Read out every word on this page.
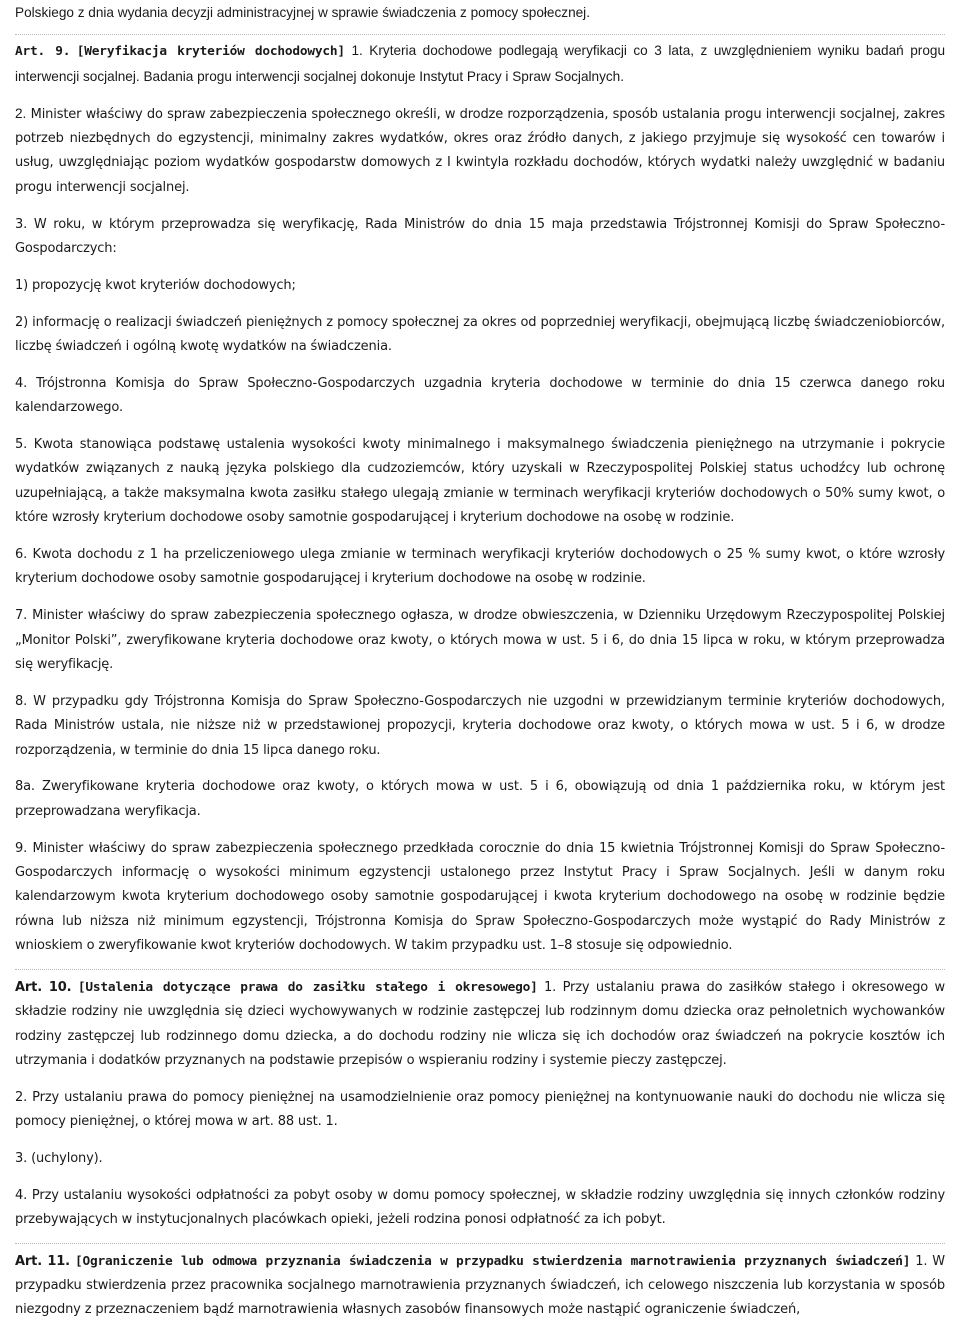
Polskiego z dnia wydania decyzji administracyjnej w sprawie świadczenia z pomocy społecznej.

Art. 9. [Weryfikacja kryteriów dochodowych] 1. Kryteria dochodowe podlegają weryfikacji co 3 lata, z uwzględnieniem wyniku badań progu interwencji socjalnej. Badania progu interwencji socjalnej dokonuje Instytut Pracy i Spraw Socjalnych.

2. Minister właściwy do spraw zabezpieczenia społecznego określi, w drodze rozporządzenia, sposób ustalania progu interwencji socjalnej, zakres potrzeb niezbędnych do egzystencji, minimalny zakres wydatków, okres oraz źródło danych, z jakiego przyjmuje się wysokość cen towarów i usług, uwzględniając poziom wydatków gospodarstw domowych z I kwintyla rozkładu dochodów, których wydatki należy uwzględnić w badaniu progu interwencji socjalnej.

3. W roku, w którym przeprowadza się weryfikację, Rada Ministrów do dnia 15 maja przedstawia Trójstronnej Komisji do Spraw Społeczno-Gospodarczych:

1) propozycję kwot kryteriów dochodowych;

2) informację o realizacji świadczeń pieniężnych z pomocy społecznej za okres od poprzedniej weryfikacji, obejmującą liczbę świadczeniobiorców, liczbę świadczeń i ogólną kwotę wydatków na świadczenia.

4. Trójstronna Komisja do Spraw Społeczno-Gospodarczych uzgadnia kryteria dochodowe w terminie do dnia 15 czerwca danego roku kalendarzowego.

5. Kwota stanowiąca podstawę ustalenia wysokości kwoty minimalnego i maksymalnego świadczenia pieniężnego na utrzymanie i pokrycie wydatków związanych z nauką języka polskiego dla cudzoziemców, który uzyskali w Rzeczypospolitej Polskiej status uchodźcy lub ochronę uzupełniającą, a także maksymalna kwota zasiłku stałego ulegają zmianie w terminach weryfikacji kryteriów dochodowych o 50% sumy kwot, o które wzrosły kryterium dochodowe osoby samotnie gospodarującej i kryterium dochodowe na osobę w rodzinie.

6. Kwota dochodu z 1 ha przeliczeniowego ulega zmianie w terminach weryfikacji kryteriów dochodowych o 25 % sumy kwot, o które wzrosły kryterium dochodowe osoby samotnie gospodarującej i kryterium dochodowe na osobę w rodzinie.

7. Minister właściwy do spraw zabezpieczenia społecznego ogłasza, w drodze obwieszczenia, w Dzienniku Urzędowym Rzeczypospolitej Polskiej „Monitor Polski”, zweryfikowane kryteria dochodowe oraz kwoty, o których mowa w ust. 5 i 6, do dnia 15 lipca w roku, w którym przeprowadza się weryfikację.

8. W przypadku gdy Trójstronna Komisja do Spraw Społeczno-Gospodarczych nie uzgodni w przewidzianym terminie kryteriów dochodowych, Rada Ministrów ustala, nie niższe niż w przedstawionej propozycji, kryteria dochodowe oraz kwoty, o których mowa w ust. 5 i 6, w drodze rozporządzenia, w terminie do dnia 15 lipca danego roku.

8a. Zweryfikowane kryteria dochodowe oraz kwoty, o których mowa w ust. 5 i 6, obowiązują od dnia 1 października roku, w którym jest przeprowadzana weryfikacja.

9. Minister właściwy do spraw zabezpieczenia społecznego przedkłada corocznie do dnia 15 kwietnia Trójstronnej Komisji do Spraw Społeczno-Gospodarczych informację o wysokości minimum egzystencji ustalonego przez Instytut Pracy i Spraw Socjalnych. Jeśli w danym roku kalendarzowym kwota kryterium dochodowego osoby samotnie gospodarującej i kwota kryterium dochodowego na osobę w rodzinie będzie równa lub niższa niż minimum egzystencji, Trójstronna Komisja do Spraw Społeczno-Gospodarczych może wystąpić do Rady Ministrów z wnioskiem o zweryfikowanie kwot kryteriów dochodowych. W takim przypadku ust. 1–8 stosuje się odpowiednio.

Art. 10. [Ustalenia dotyczące prawa do zasiłku stałego i okresowego] 1. Przy ustalaniu prawa do zasiłków stałego i okresowego w składzie rodziny nie uwzględnia się dzieci wychowywanych w rodzinie zastępczej lub rodzinnym domu dziecka oraz pełnoletnich wychowanków rodziny zastępczej lub rodzinnego domu dziecka, a do dochodu rodziny nie wlicza się ich dochodów oraz świadczeń na pokrycie kosztów ich utrzymania i dodatków przyznanych na podstawie przepisów o wspieraniu rodziny i systemie pieczy zastępczej.

2. Przy ustalaniu prawa do pomocy pieniężnej na usamodzielnienie oraz pomocy pieniężnej na kontynuowanie nauki do dochodu nie wlicza się pomocy pieniężnej, o której mowa w art. 88 ust. 1.

3. (uchylony).

4. Przy ustalaniu wysokości odpłatności za pobyt osoby w domu pomocy społecznej, w składzie rodziny uwzględnia się innych członków rodziny przebywających w instytucjonalnych placówkach opieki, jeżeli rodzina ponosi odpłatność za ich pobyt.

Art. 11. [Ograniczenie lub odmowa przyznania świadczenia w przypadku stwierdzenia marnotrawienia przyznanych świadczeń] 1. W przypadku stwierdzenia przez pracownika socjalnego marnotrawienia przyznanych świadczeń, ich celowego niszczenia lub korzystania w sposób niezgodny z przeznaczeniem bądź marnotrawienia własnych zasobów finansowych może nastąpić ograniczenie świadczeń,
